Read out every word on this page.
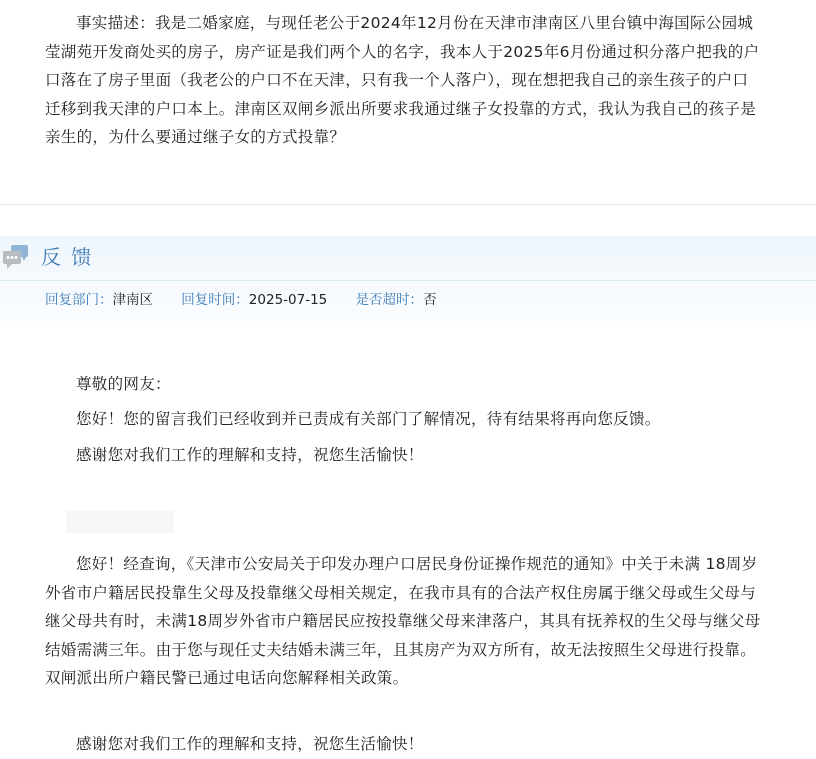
事实描述：我是二婚家庭，与现任老公于2024年12月份在天津市津南区八里台镇中海国际公园城莹湖苑开发商处买的房子，房产证是我们两个人的名字，我本人于2025年6月份通过积分落户把我的户口落在了房子里面（我老公的户口不在天津，只有我一个人落户），现在想把我自己的亲生孩子的户口迁移到我天津的户口本上。津南区双闸乡派出所要求我通过继子女投靠的方式，我认为我自己的孩子是亲生的，为什么要通过继子女的方式投靠？

反 馈
回复部门：津南区 回复时间：2025-07-15 是否超时：否

尊敬的网友：

您好！您的留言我们已经收到并已责成有关部门了解情况，待有结果将再向您反馈。

感谢您对我们工作的理解和支持，祝您生活愉快！

您好！经查询，《天津市公安局关于印发办理户口居民身份证操作规范的通知》中关于未满 18周岁外省市户籍居民投靠生父母及投靠继父母相关规定，在我市具有的合法产权住房属于继父母或生父母与继父母共有时，未满18周岁外省市户籍居民应按投靠继父母来津落户，其具有抚养权的生父母与继父母结婚需满三年。由于您与现任丈夫结婚未满三年，且其房产为双方所有，故无法按照生父母进行投靠。双闸派出所户籍民警已通过电话向您解释相关政策。

感谢您对我们工作的理解和支持，祝您生活愉快！
